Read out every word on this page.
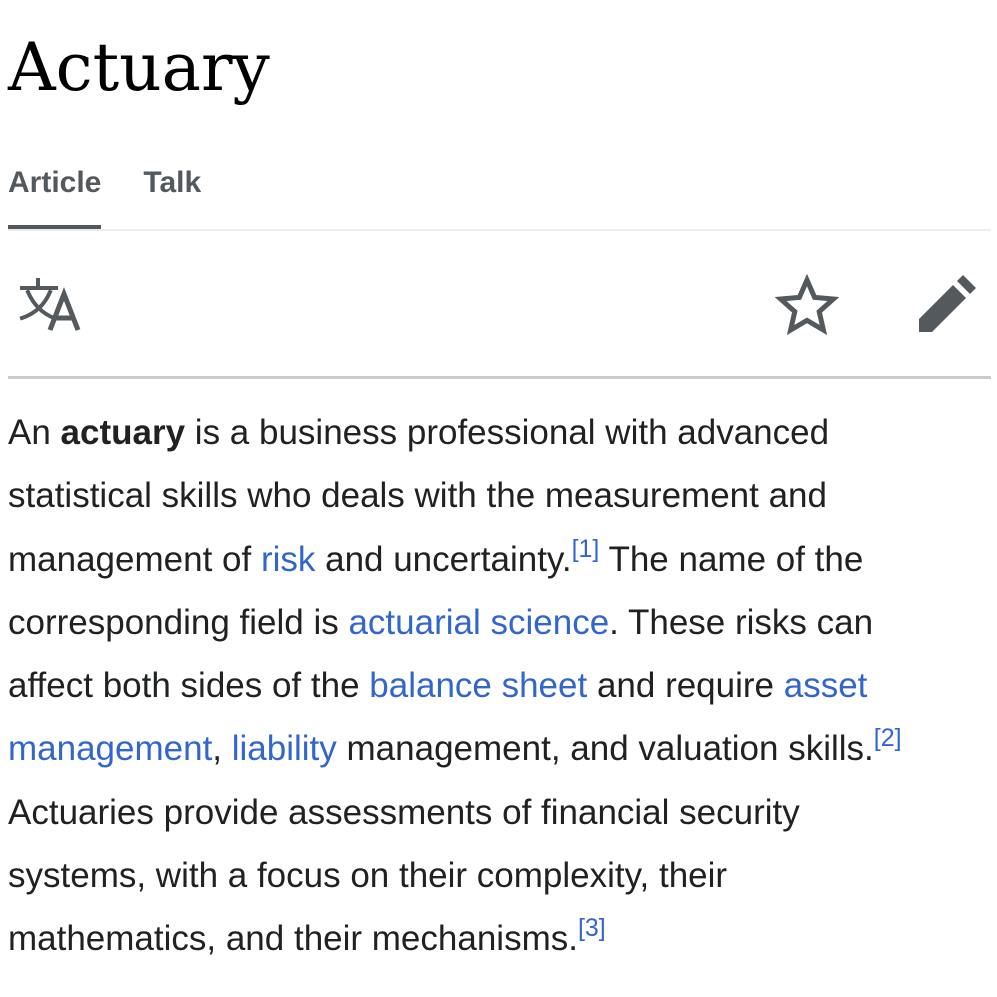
Actuary
Article Talk

An actuary is a business professional with advanced
statistical skills who deals with the measurement and
management of risk and uncertainty.[1] The name of the
corresponding field is actuarial science. These risks can
affect both sides of the balance sheet and require asset
management, liability management, and valuation skills.[2]
Actuaries provide assessments of financial security
systems, with a focus on their complexity, their
mathematics, and their mechanisms.[3]
